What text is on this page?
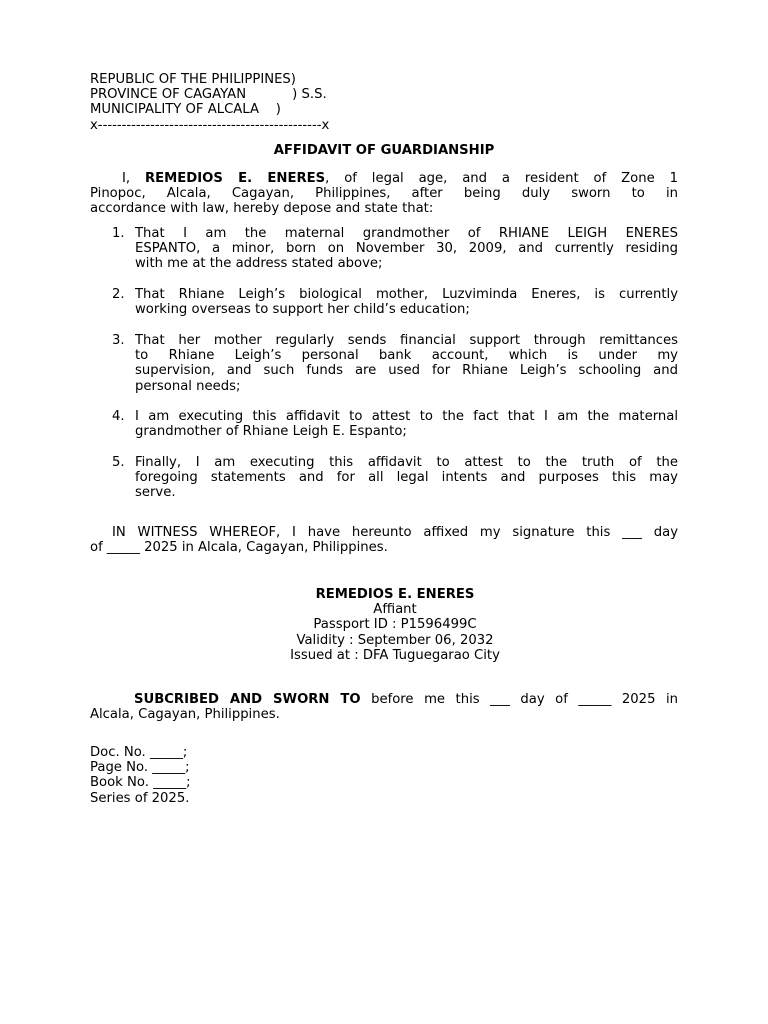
REPUBLIC OF THE PHILIPPINES)
PROVINCE OF CAGAYAN           ) S.S.
MUNICIPALITY OF ALCALA    )
x-----------------------------------------------x
AFFIDAVIT OF GUARDIANSHIP
I, REMEDIOS E. ENERES, of legal age, and a resident of Zone 1
Pinopoc, Alcala, Cagayan, Philippines, after being duly sworn to in
accordance with law, hereby depose and state that:
1. That I am the maternal grandmother of RHIANE LEIGH ENERES
ESPANTO, a minor, born on November 30, 2009, and currently residing
with me at the address stated above;
2. That Rhiane Leigh’s biological mother, Luzviminda Eneres, is currently
working overseas to support her child’s education;
3. That her mother regularly sends financial support through remittances
to Rhiane Leigh’s personal bank account, which is under my
supervision, and such funds are used for Rhiane Leigh’s schooling and
personal needs;
4. I am executing this affidavit to attest to the fact that I am the maternal
grandmother of Rhiane Leigh E. Espanto;
5. Finally, I am executing this affidavit to attest to the truth of the
foregoing statements and for all legal intents and purposes this may
serve.
IN WITNESS WHEREOF, I have hereunto affixed my signature this ___ day
of _____ 2025 in Alcala, Cagayan, Philippines.
REMEDIOS E. ENERES
Affiant
Passport ID : P1596499C
Validity : September 06, 2032
Issued at : DFA Tuguegarao City
SUBCRIBED AND SWORN TO before me this ___ day of _____ 2025 in
Alcala, Cagayan, Philippines.
Doc. No. _____;
Page No. _____;
Book No. _____;
Series of 2025.
